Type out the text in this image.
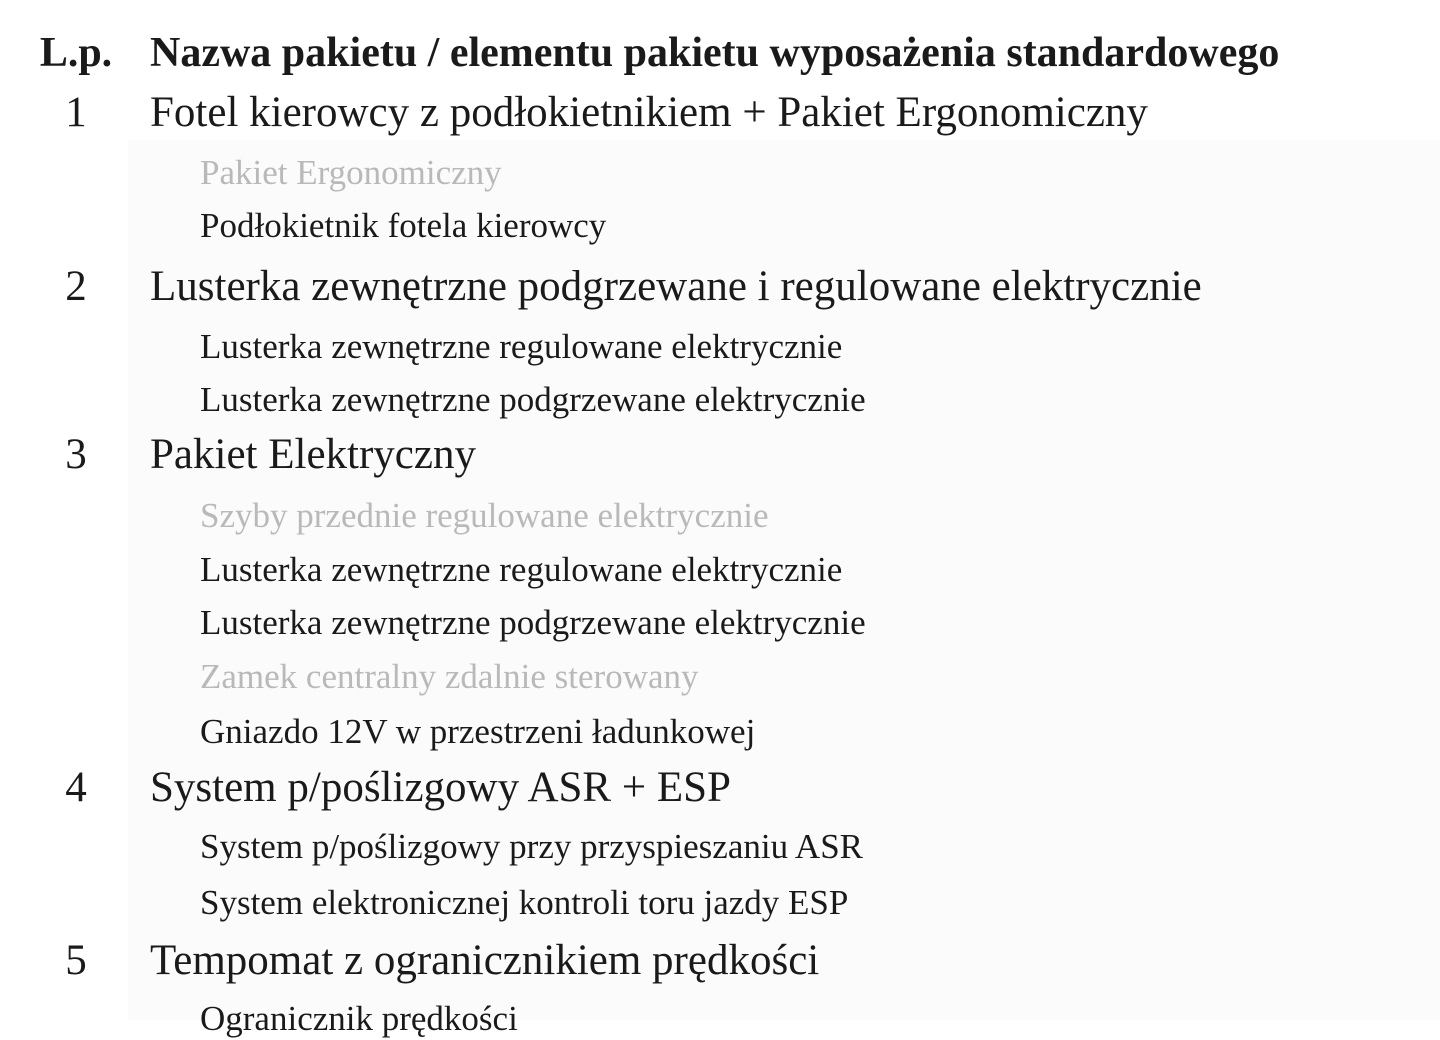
L.p. Nazwa pakietu / elementu pakietu wyposażenia standardowego
1	Fotel kierowcy z podłokietnikiem + Pakiet Ergonomiczny
Pakiet Ergonomiczny
Podłokietnik fotela kierowcy
2	Lusterka zewnętrzne podgrzewane i regulowane elektrycznie
Lusterka zewnętrzne regulowane elektrycznie
Lusterka zewnętrzne podgrzewane elektrycznie
3	Pakiet Elektryczny
Szyby przednie regulowane elektrycznie
Lusterka zewnętrzne regulowane elektrycznie
Lusterka zewnętrzne podgrzewane elektrycznie
Zamek centralny zdalnie sterowany
Gniazdo 12V w przestrzeni ładunkowej
4	System p/poślizgowy ASR + ESP
System p/poślizgowy przy przyspieszaniu ASR
System elektronicznej kontroli toru jazdy ESP
5	Tempomat z ogranicznikiem prędkości
Ogranicznik prędkości
